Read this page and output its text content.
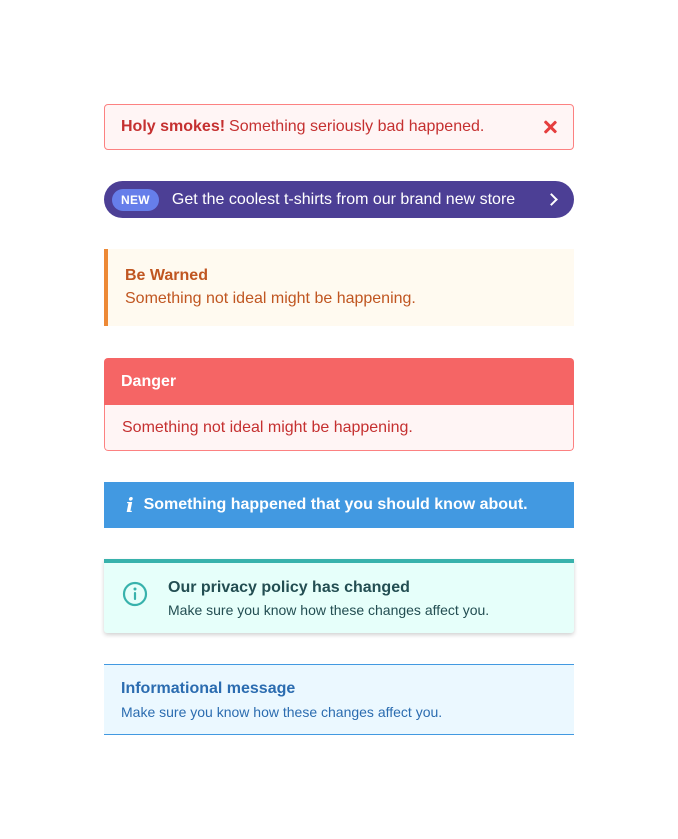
Holy smokes! Something seriously bad happened.
NEW	Get the coolest t-shirts from our brand new store
Be Warned
Something not ideal might be happening.
Danger
Something not ideal might be happening.
i Something happened that you should know about.
Our privacy policy has changed
Make sure you know how these changes affect you.
Informational message
Make sure you know how these changes affect you.
